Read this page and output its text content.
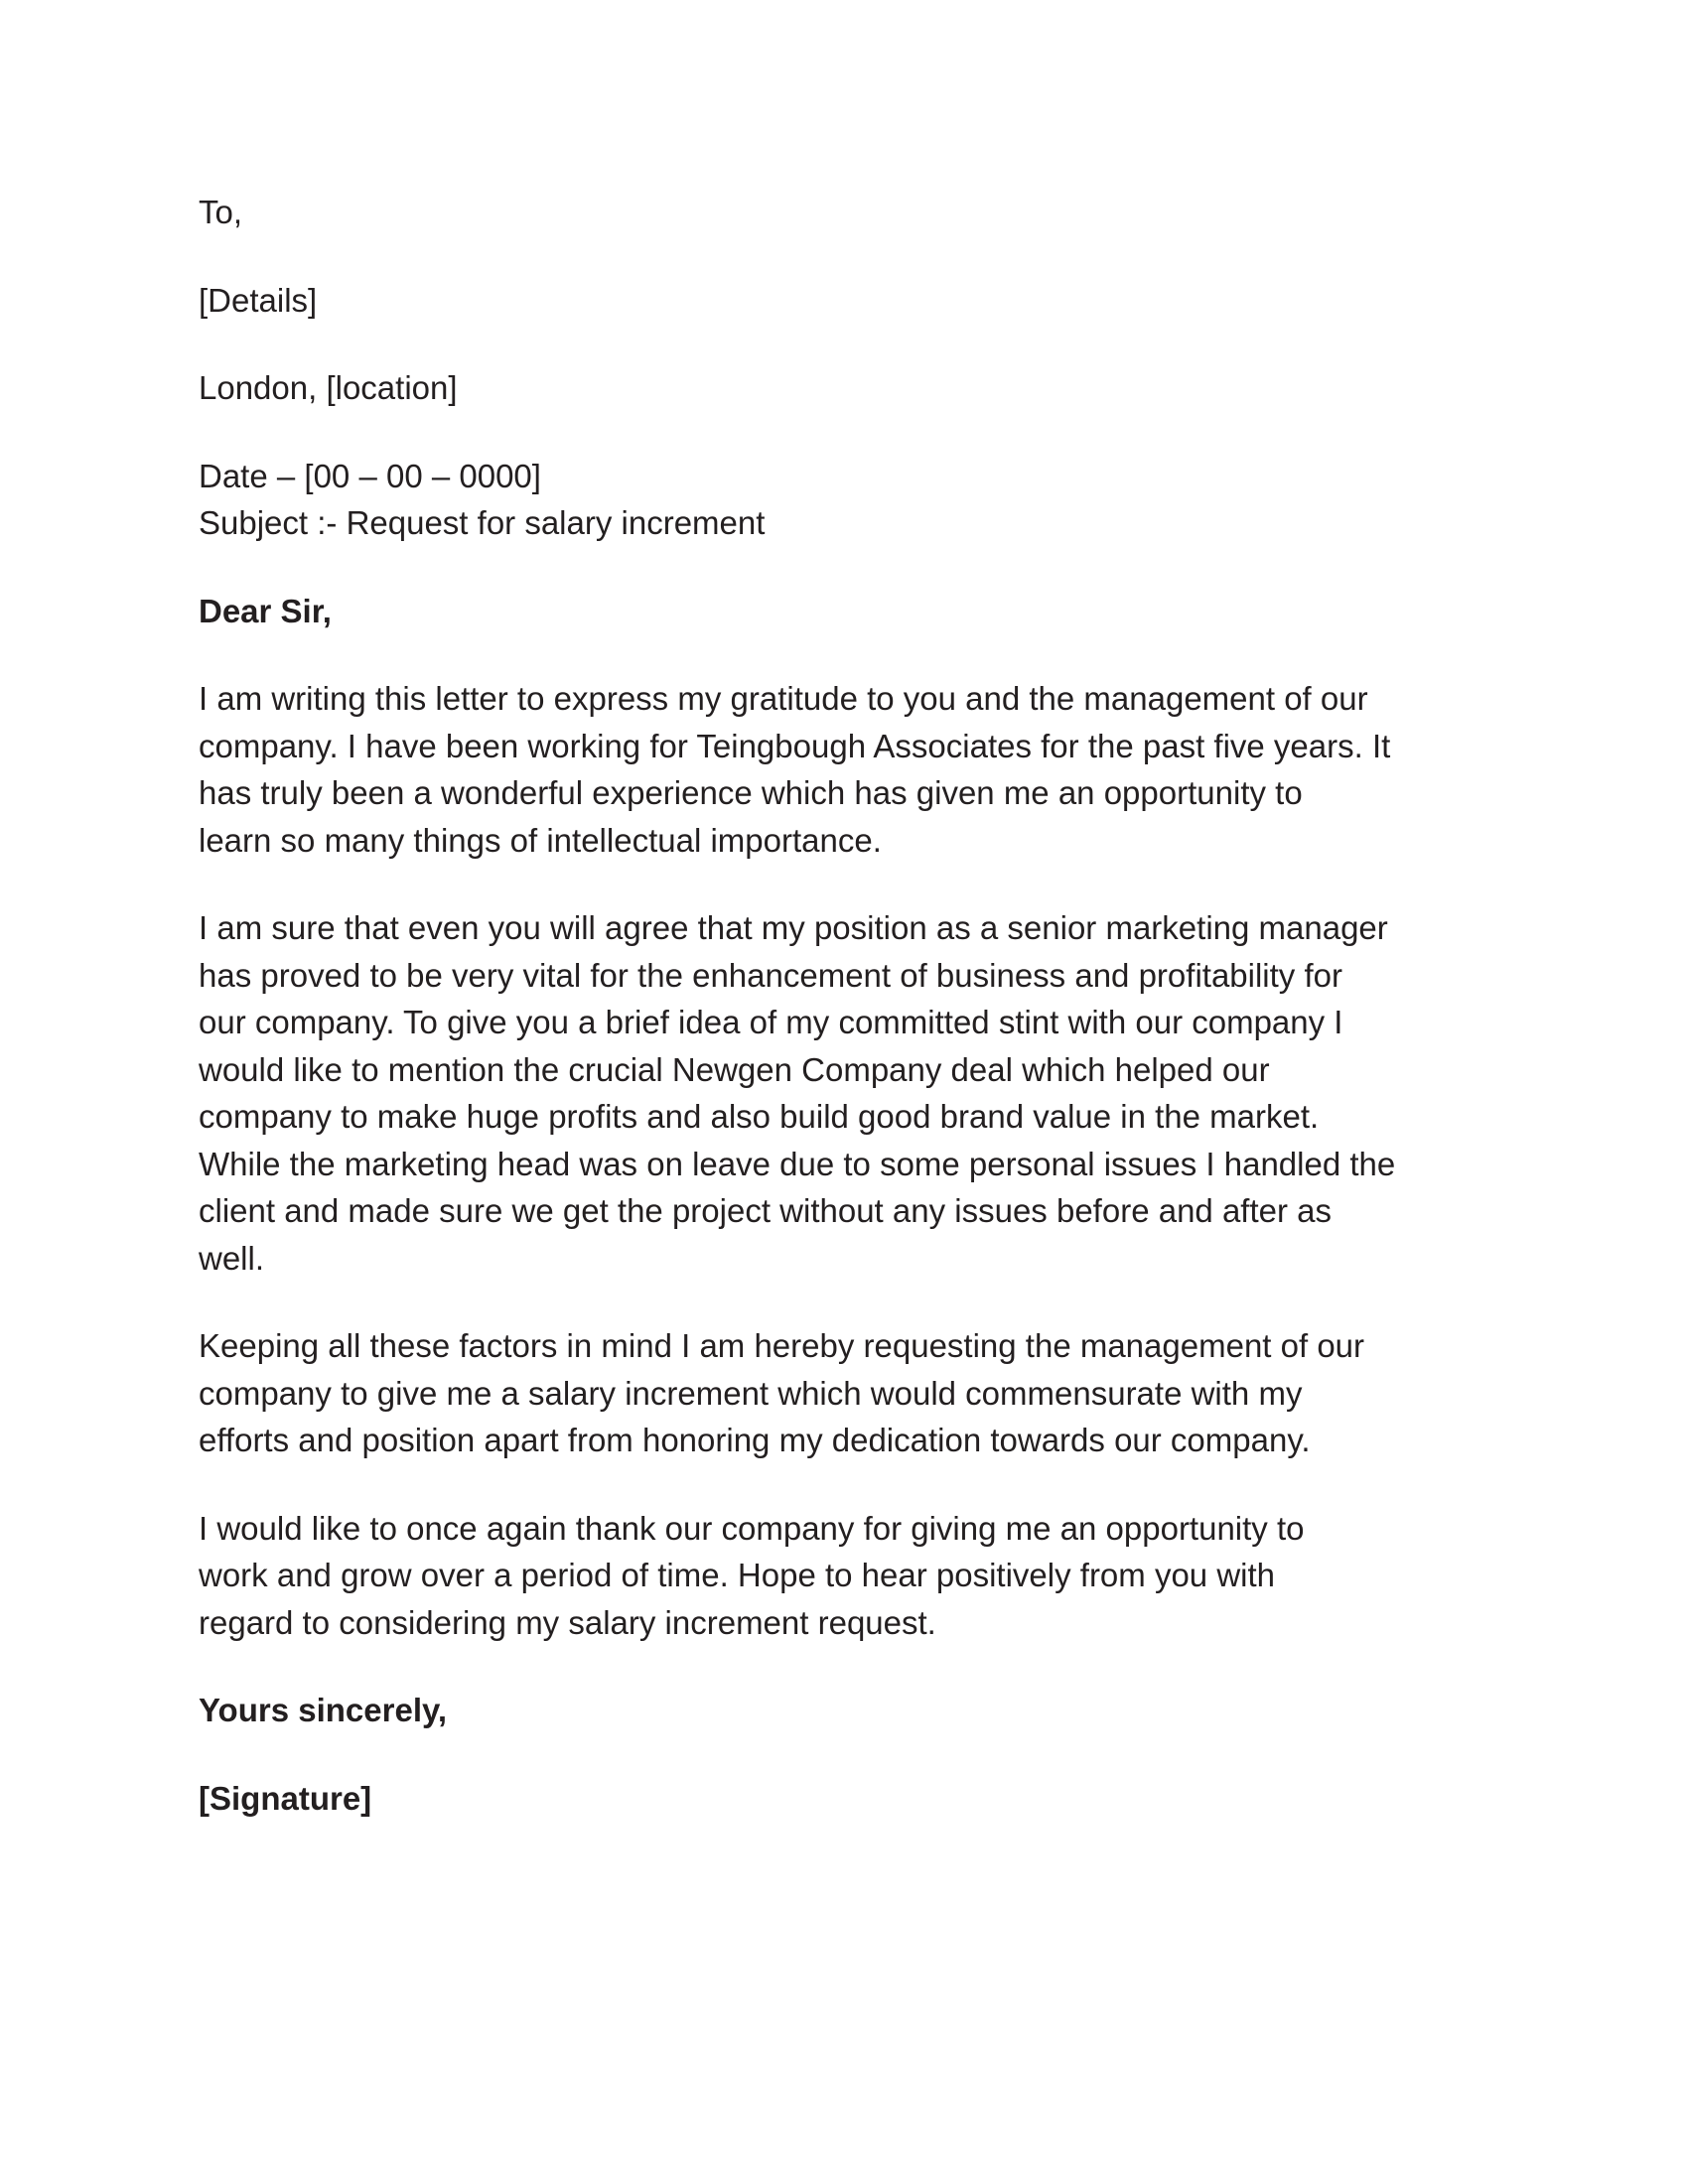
To,

[Details]

London, [location]

Date – [00 – 00 – 0000]

Subject :- Request for salary increment

Dear Sir,

I am writing this letter to express my gratitude to you and the management of our
company. I have been working for Teingbough Associates for the past five years. It
has truly been a wonderful experience which has given me an opportunity to
learn so many things of intellectual importance.
I am sure that even you will agree that my position as a senior marketing manager
has proved to be very vital for the enhancement of business and profitability for
our company. To give you a brief idea of my committed stint with our company I
would like to mention the crucial Newgen Company deal which helped our
company to make huge profits and also build good brand value in the market.
While the marketing head was on leave due to some personal issues I handled the
client and made sure we get the project without any issues before and after as
well.
Keeping all these factors in mind I am hereby requesting the management of our
company to give me a salary increment which would commensurate with my
efforts and position apart from honoring my dedication towards our company.
I would like to once again thank our company for giving me an opportunity to
work and grow over a period of time. Hope to hear positively from you with
regard to considering my salary increment request.

Yours sincerely,

[Signature]
